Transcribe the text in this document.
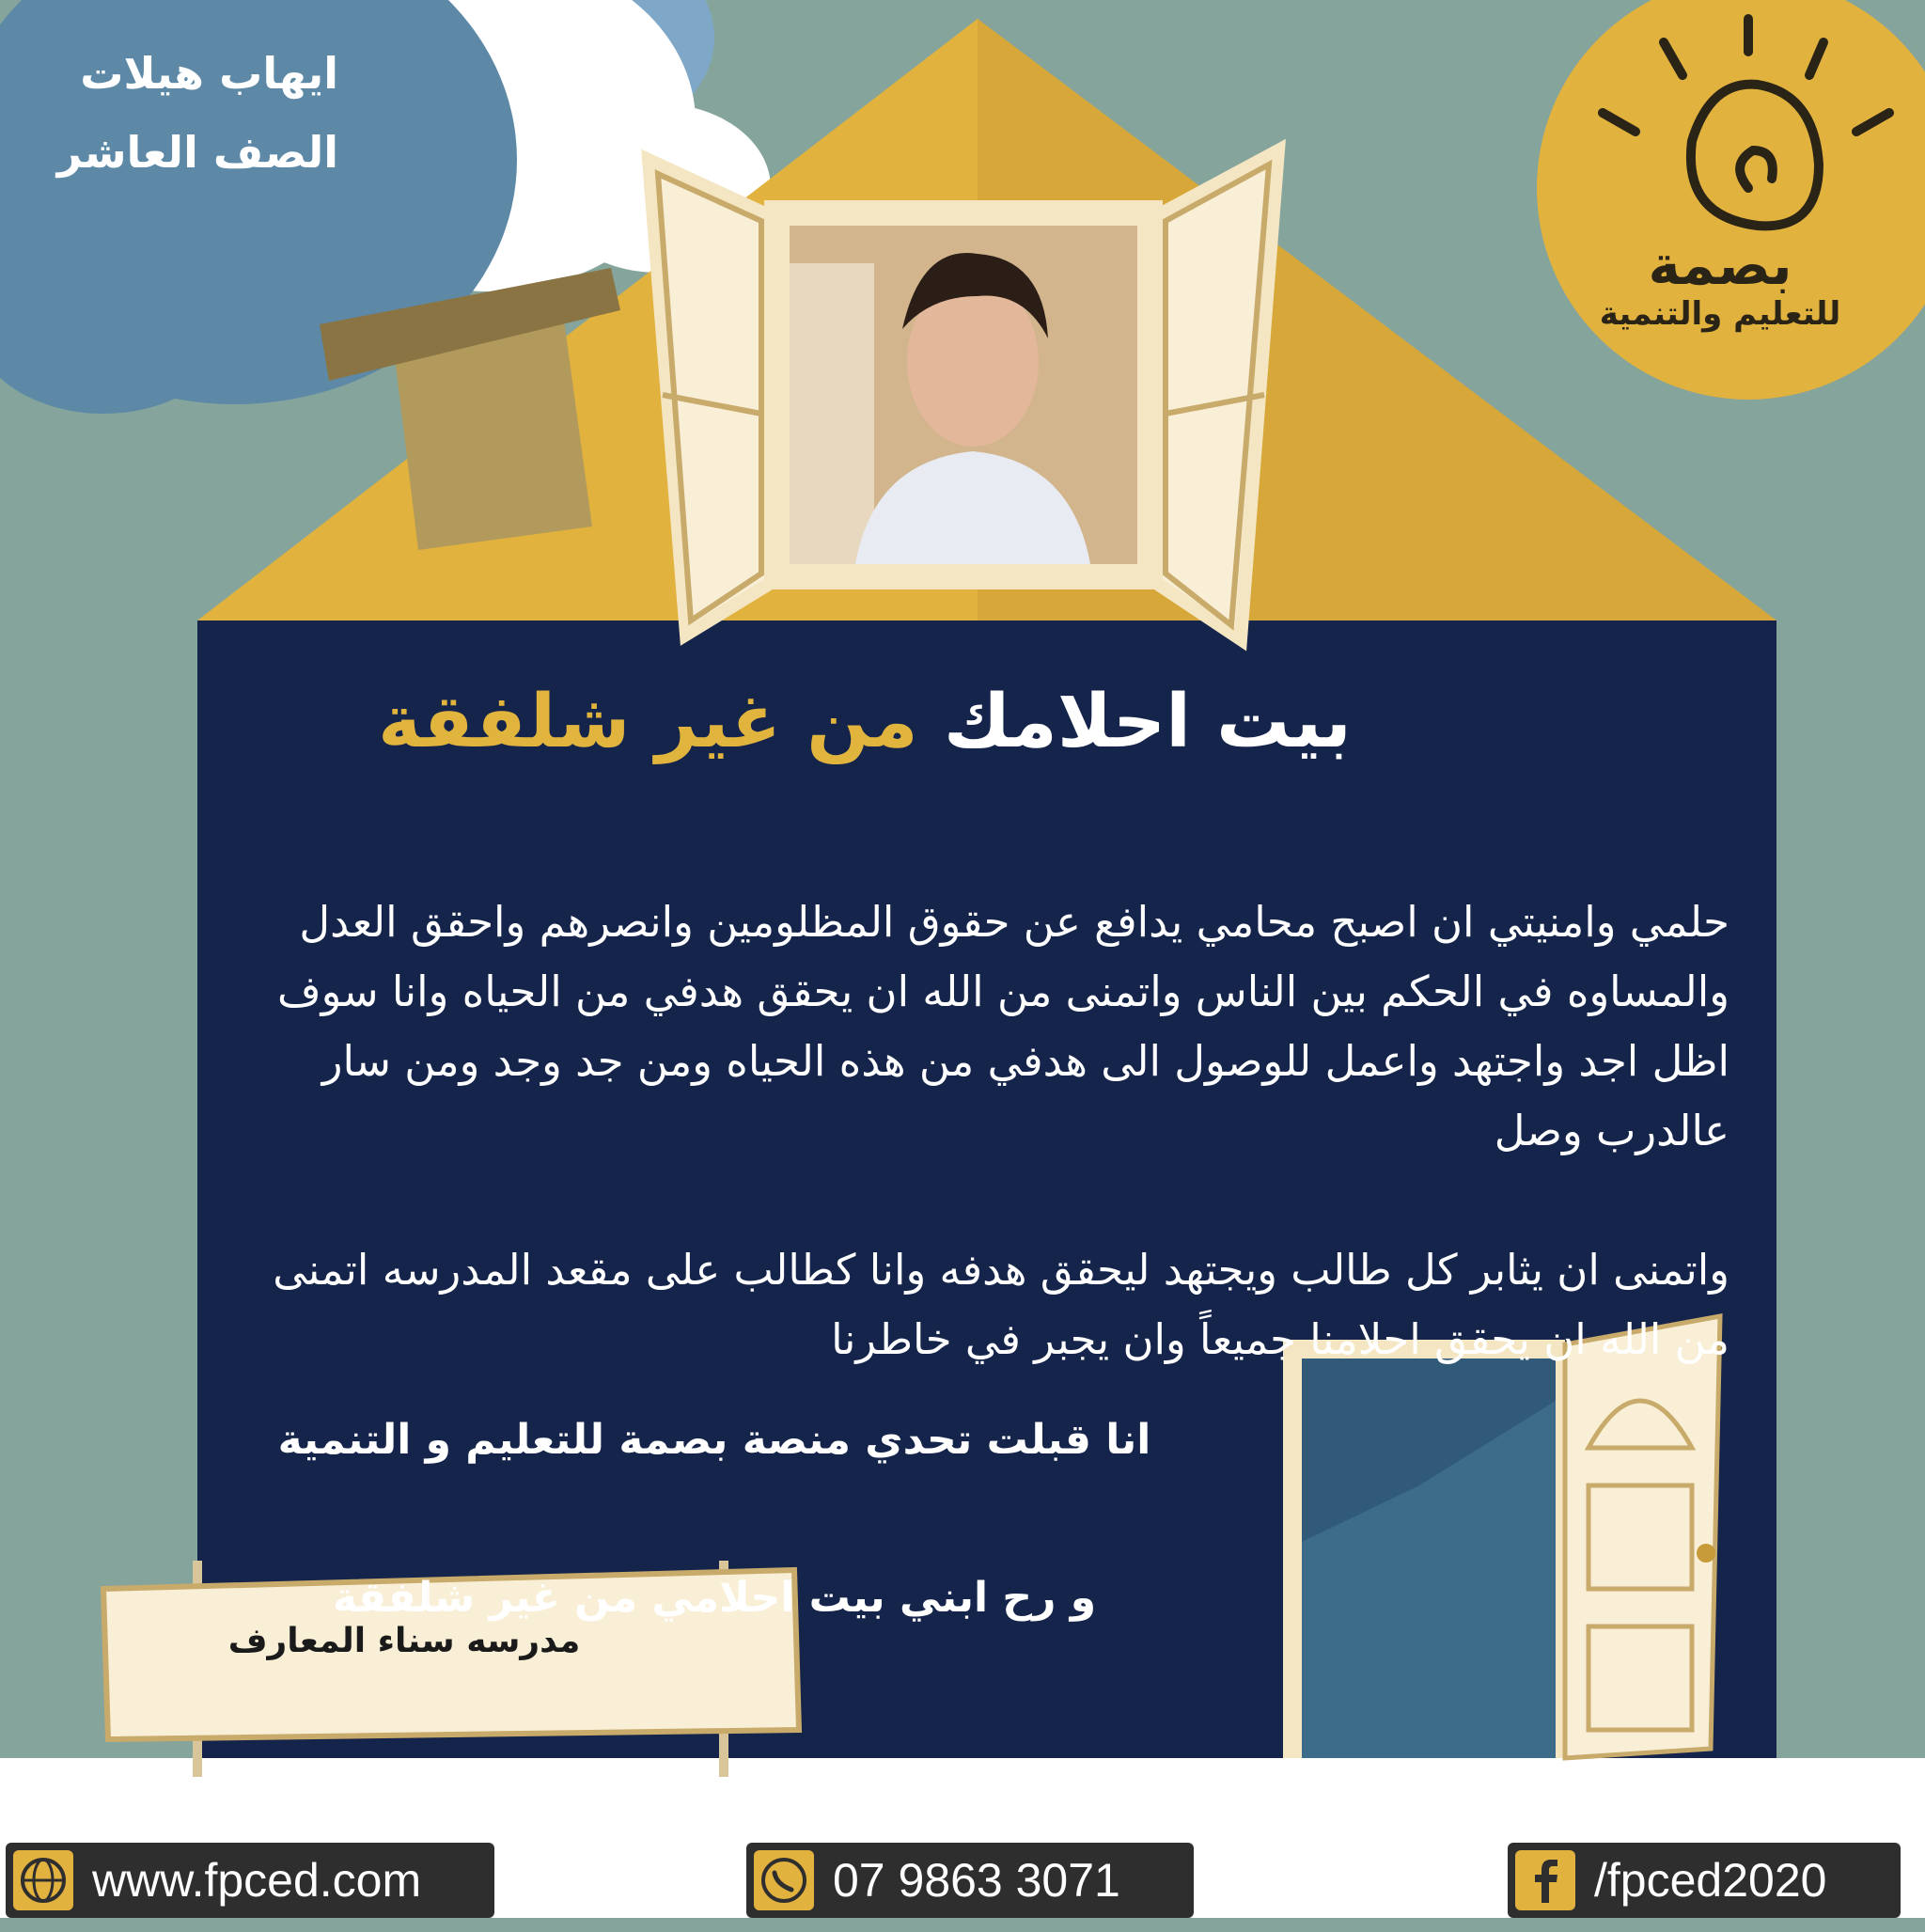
ايهاب هيلات
الصف العاشر
بصمة
للتعليم والتنمية
بيت احلامك من غير شلفقة

حلمي وامنيتي ان اصبح محامي يدافع عن حقوق المظلومين وانصرهم واحقق العدل والمساوه في الحكم بين الناس واتمنى من الله ان يحقق هدفي من الحياه وانا سوف اظل اجد واجتهد واعمل للوصول الى هدفي من هذه الحياه ومن جد وجد ومن سار عالدرب وصل

واتمنى ان يثابر كل طالب ويجتهد ليحقق هدفه وانا كطالب على مقعد المدرسه اتمنى من الله ان يحقق احلامنا جميعاً وان يجبر في خاطرنا

انا قبلت تحدي منصة بصمة للتعليم و التنمية

و رح ابني بيت احلامي من غير شلفقة

مدرسه سناء المعارف
www.fpced.com	07 9863 3071	/fpced2020
